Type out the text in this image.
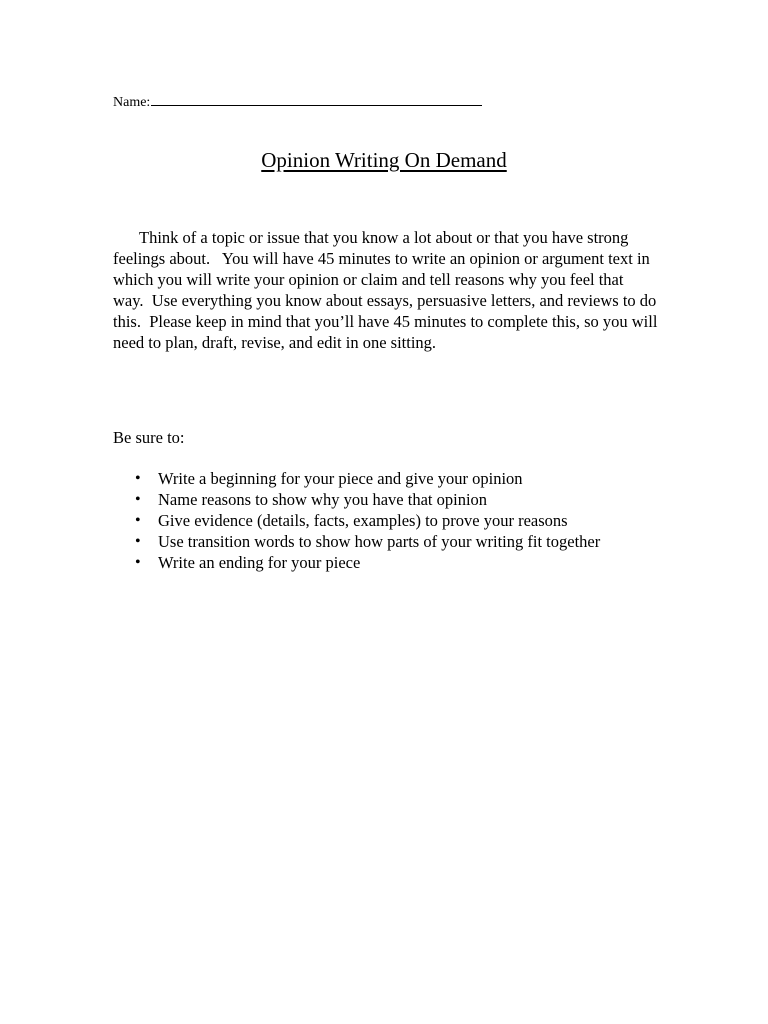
Name:
Opinion Writing On Demand

Think of a topic or issue that you know a lot about or that you have strong feelings about.   You will have 45 minutes to write an opinion or argument text in which you will write your opinion or claim and tell reasons why you feel that way.  Use everything you know about essays, persuasive letters, and reviews to do this.  Please keep in mind that you’ll have 45 minutes to complete this, so you will need to plan, draft, revise, and edit in one sitting.

Be sure to:

• Write a beginning for your piece and give your opinion
• Name reasons to show why you have that opinion
• Give evidence (details, facts, examples) to prove your reasons
• Use transition words to show how parts of your writing fit together
• Write an ending for your piece
